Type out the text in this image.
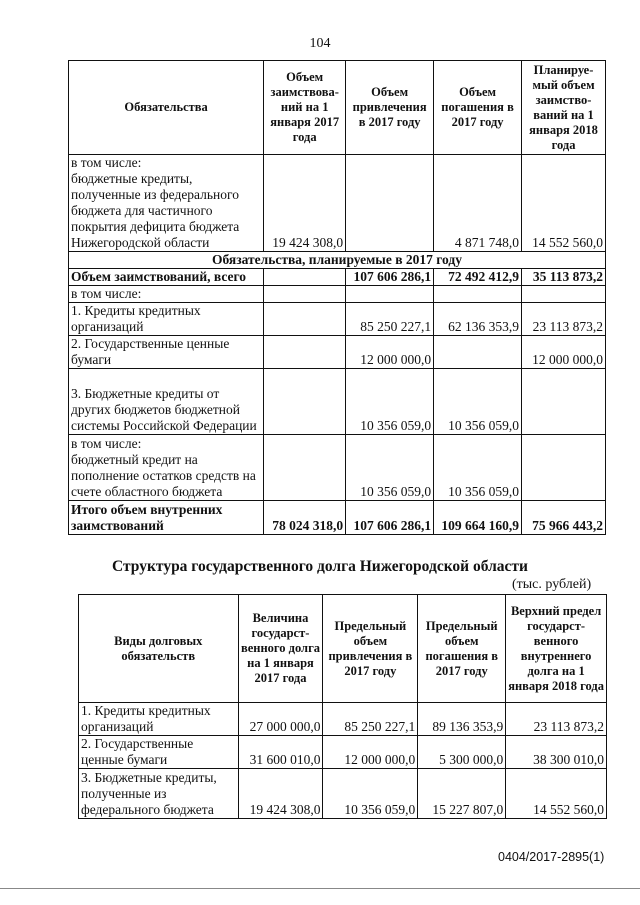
104
Обязательства	Объем заимствова-ний на 1 января 2017 года	Объем привлечения в 2017 году	Объем погашения в 2017 году	Планируе-мый объем заимство-ваний на 1 января 2018 года
в том числе:
бюджетные кредиты, полученные из федерального бюджета для частичного покрытия дефицита бюджета Нижегородской области	19 424 308,0		4 871 748,0	14 552 560,0
Обязательства, планируемые в 2017 году				
Объем заимствований, всего		107 606 286,1	72 492 412,9	35 113 873,2
в том числе:				
1. Кредиты кредитных организаций		85 250 227,1	62 136 353,9	23 113 873,2
2. Государственные ценные бумаги		12 000 000,0		12 000 000,0
3. Бюджетные кредиты от других бюджетов бюджетной системы Российской Федерации		10 356 059,0	10 356 059,0	
в том числе:
бюджетный кредит на пополнение остатков средств на счете областного бюджета		10 356 059,0	10 356 059,0	
Итого объем внутренних заимствований	78 024 318,0	107 606 286,1	109 664 160,9	75 966 443,2
Структура государственного долга Нижегородской области
(тыс. рублей)
Виды долговых обязательств	Величина государст-венного долга на 1 января 2017 года	Предельный объем привлечения в 2017 году	Предельный объем погашения в 2017 году	Верхний предел государст-венного внутреннего долга на 1 января 2018 года
1. Кредиты кредитных организаций	27 000 000,0	85 250 227,1	89 136 353,9	23 113 873,2
2. Государственные ценные бумаги	31 600 010,0	12 000 000,0	5 300 000,0	38 300 010,0
3. Бюджетные кредиты, полученные из федерального бюджета	19 424 308,0	10 356 059,0	15 227 807,0	14 552 560,0
0404/2017-2895(1)
